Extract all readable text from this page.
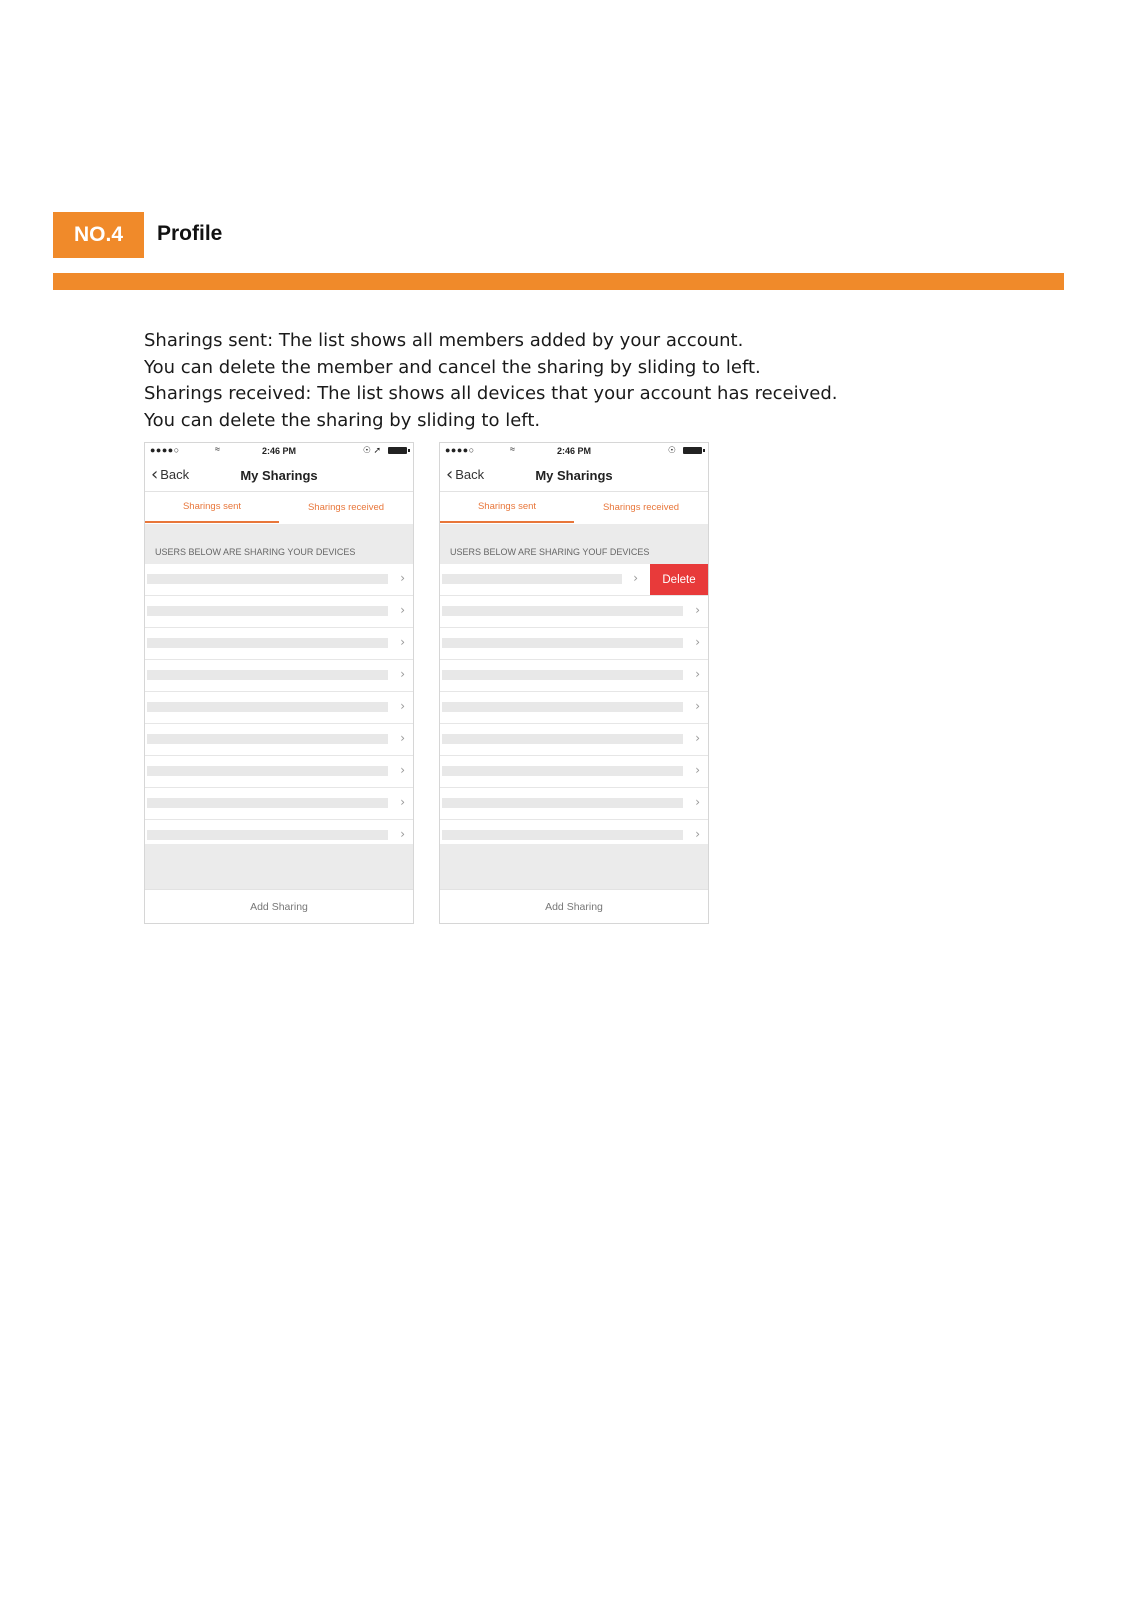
NO.4	Profile

Sharings sent: The list shows all members added by your account.

You can delete the member and cancel the sharing by sliding to left.

Sharings received: The list shows all devices that your account has received.

You can delete the sharing by sliding to left.

●●●●○	≈	2:46 PM	☉ ➚
‹ Back	My Sharings
Sharings sent	Sharings received
USERS BELOW ARE SHARING YOUR DEVICES
›
›
›
›
›
›
›
›
›
Add Sharing
●●●●○	≈	2:46 PM	☉
‹ Back	My Sharings
Sharings sent	Sharings received
USERS BELOW ARE SHARING YOUF DEVICES
›	Delete
›
›
›
›
›
›
›
›
Add Sharing
